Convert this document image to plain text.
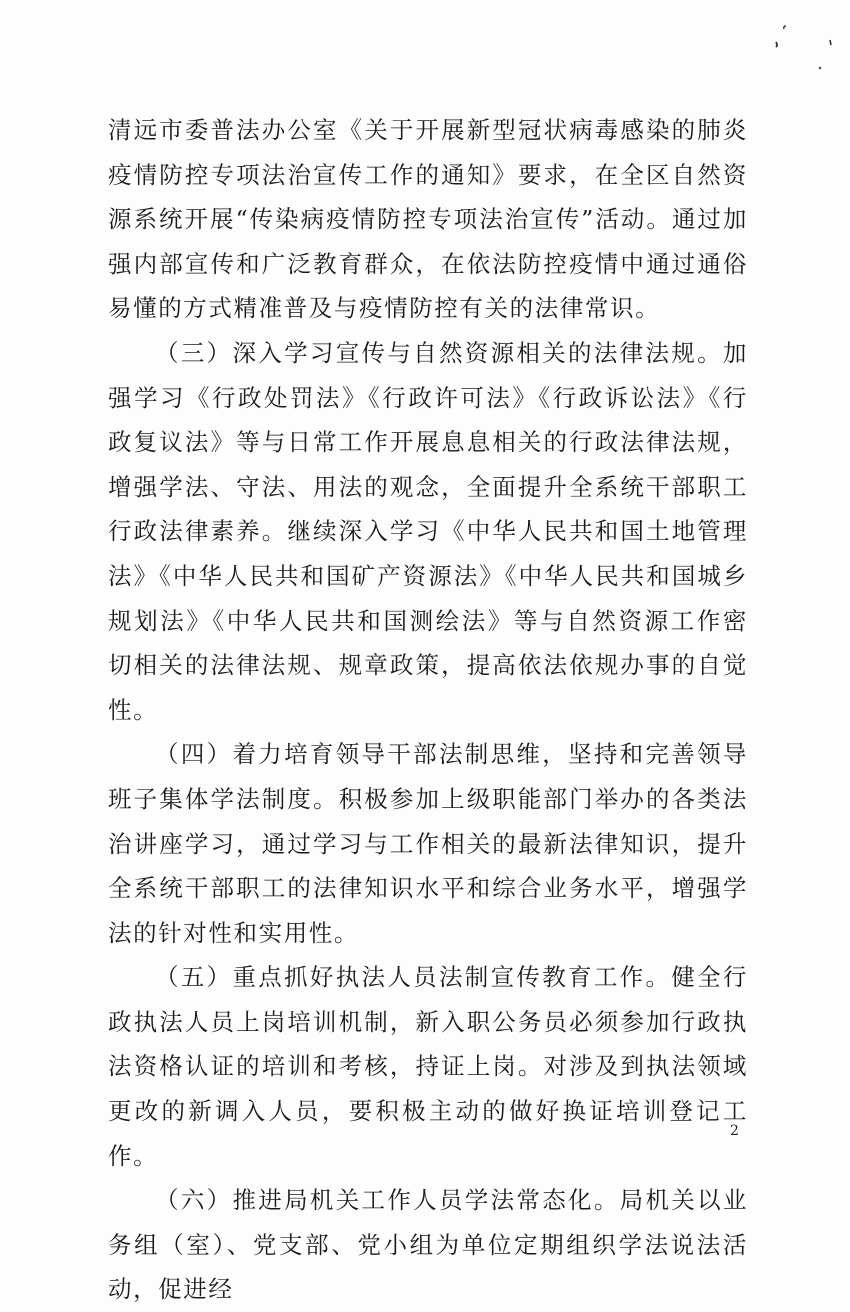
清远市委普法办公室《关于开展新型冠状病毒感染的肺炎疫情防控专项法治宣传工作的通知》要求，在全区自然资源系统开展“传染病疫情防控专项法治宣传”活动。通过加强内部宣传和广泛教育群众，在依法防控疫情中通过通俗易懂的方式精准普及与疫情防控有关的法律常识。

（三）深入学习宣传与自然资源相关的法律法规。加强学习《行政处罚法》《行政许可法》《行政诉讼法》《行政复议法》等与日常工作开展息息相关的行政法律法规，增强学法、守法、用法的观念，全面提升全系统干部职工行政法律素养。继续深入学习《中华人民共和国土地管理法》《中华人民共和国矿产资源法》《中华人民共和国城乡规划法》《中华人民共和国测绘法》等与自然资源工作密切相关的法律法规、规章政策，提高依法依规办事的自觉性。

（四）着力培育领导干部法制思维，坚持和完善领导班子集体学法制度。积极参加上级职能部门举办的各类法治讲座学习，通过学习与工作相关的最新法律知识，提升全系统干部职工的法律知识水平和综合业务水平，增强学法的针对性和实用性。

（五）重点抓好执法人员法制宣传教育工作。健全行政执法人员上岗培训机制，新入职公务员必须参加行政执法资格认证的培训和考核，持证上岗。对涉及到执法领域更改的新调入人员，要积极主动的做好换证培训登记工作。

（六）推进局机关工作人员学法常态化。局机关以业务组（室）、党支部、党小组为单位定期组织学法说法活动，促进经

2
